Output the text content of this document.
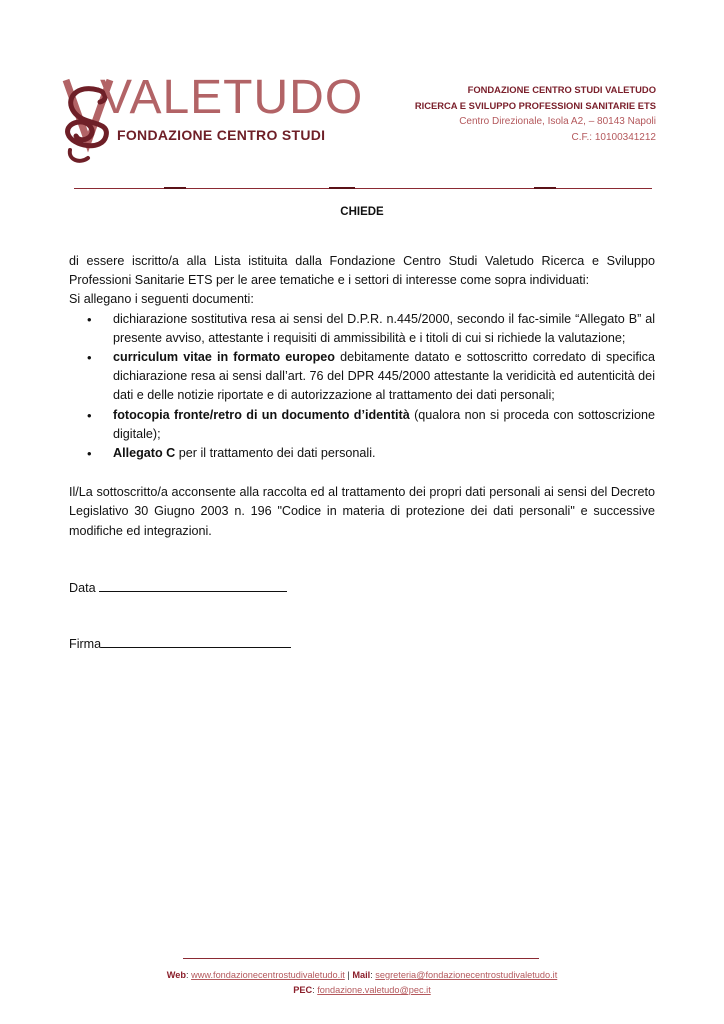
VALETUDO
FONDAZIONE CENTRO STUDI
FONDAZIONE CENTRO STUDI VALETUDO
RICERCA E SVILUPPO PROFESSIONI SANITARIE ETS
Centro Direzionale, Isola A2, – 80143 Napoli
C.F.: 10100341212
CHIEDE

di essere iscritto/a alla Lista istituita dalla Fondazione Centro Studi Valetudo Ricerca e Sviluppo Professioni Sanitarie ETS per le aree tematiche e i settori di interesse come sopra individuati:

Si allegano i seguenti documenti:

• dichiarazione sostitutiva resa ai sensi del D.P.R. n.445/2000, secondo il fac-simile “Allegato B” al presente avviso, attestante i requisiti di ammissibilità e i titoli di cui si richiede la valutazione;
• curriculum vitae in formato europeo debitamente datato e sottoscritto corredato di specifica dichiarazione resa ai sensi dall’art. 76 del DPR 445/2000 attestante la veridicità ed autenticità dei dati e delle notizie riportate e di autorizzazione al trattamento dei dati personali;
• fotocopia fronte/retro di un documento d’identità (qualora non si proceda con sottoscrizione digitale);
• Allegato C per il trattamento dei dati personali.

Il/La sottoscritto/a acconsente alla raccolta ed al trattamento dei propri dati personali ai sensi del Decreto Legislativo 30 Giugno 2003 n. 196 "Codice in materia di protezione dei dati personali" e successive modifiche ed integrazioni.

Data
Firma
Web: www.fondazionecentrostudivaletudo.it | Mail: segreteria@fondazionecentrostudivaletudo.it
PEC: fondazione.valetudo@pec.it
